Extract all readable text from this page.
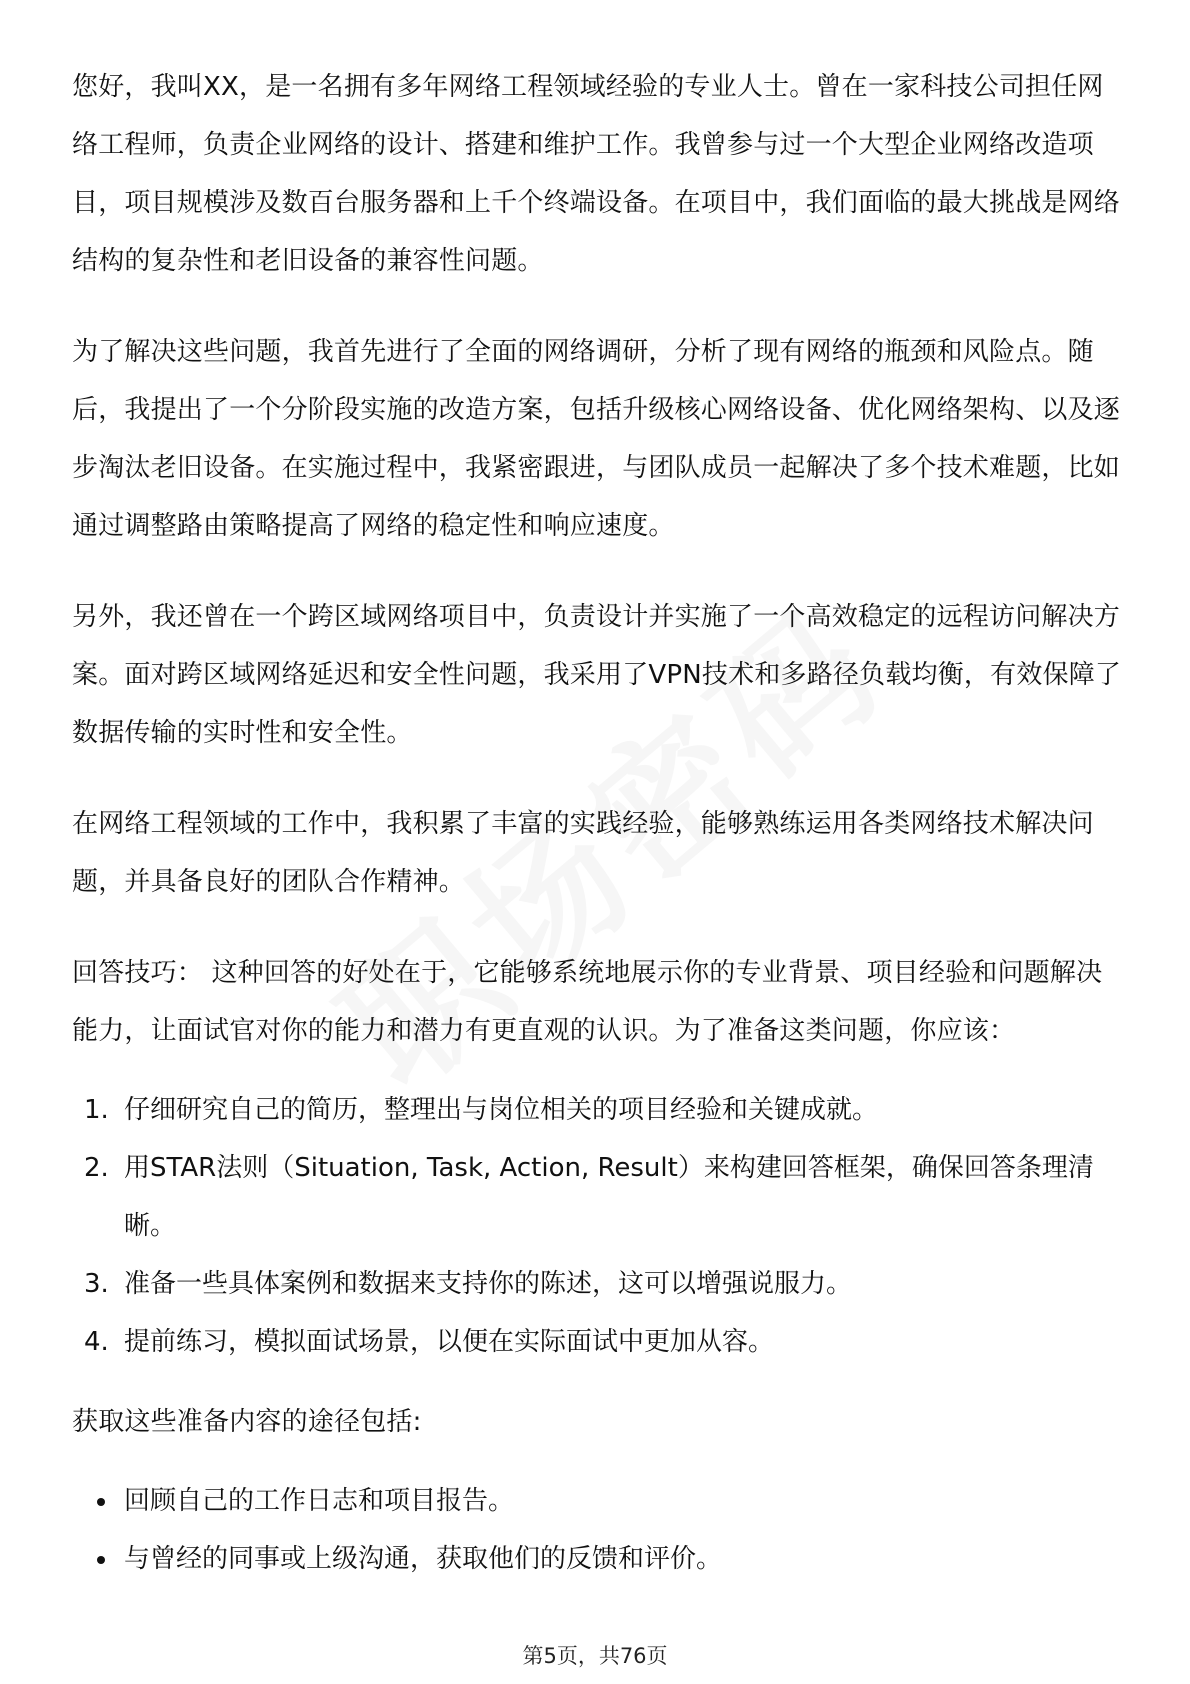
您好，我叫XX，是一名拥有多年网络工程领域经验的专业人士。曾在一家科技公司担任网络工程师，负责企业网络的设计、搭建和维护工作。我曾参与过一个大型企业网络改造项目，项目规模涉及数百台服务器和上千个终端设备。在项目中，我们面临的最大挑战是网络结构的复杂性和老旧设备的兼容性问题。

为了解决这些问题，我首先进行了全面的网络调研，分析了现有网络的瓶颈和风险点。随后，我提出了一个分阶段实施的改造方案，包括升级核心网络设备、优化网络架构、以及逐步淘汰老旧设备。在实施过程中，我紧密跟进，与团队成员一起解决了多个技术难题，比如通过调整路由策略提高了网络的稳定性和响应速度。

另外，我还曾在一个跨区域网络项目中，负责设计并实施了一个高效稳定的远程访问解决方案。面对跨区域网络延迟和安全性问题，我采用了VPN技术和多路径负载均衡，有效保障了数据传输的实时性和安全性。

在网络工程领域的工作中，我积累了丰富的实践经验，能够熟练运用各类网络技术解决问题，并具备良好的团队合作精神。

回答技巧： 这种回答的好处在于，它能够系统地展示你的专业背景、项目经验和问题解决能力，让面试官对你的能力和潜力有更直观的认识。为了准备这类问题，你应该：

1. 仔细研究自己的简历，整理出与岗位相关的项目经验和关键成就。
2. 用STAR法则（Situation, Task, Action, Result）来构建回答框架，确保回答条理清晰。
3. 准备一些具体案例和数据来支持你的陈述，这可以增强说服力。
4. 提前练习，模拟面试场景，以便在实际面试中更加从容。

获取这些准备内容的途径包括:

回顾自己的工作日志和项目报告。
与曾经的同事或上级沟通，获取他们的反馈和评价。
第5页，共76页
